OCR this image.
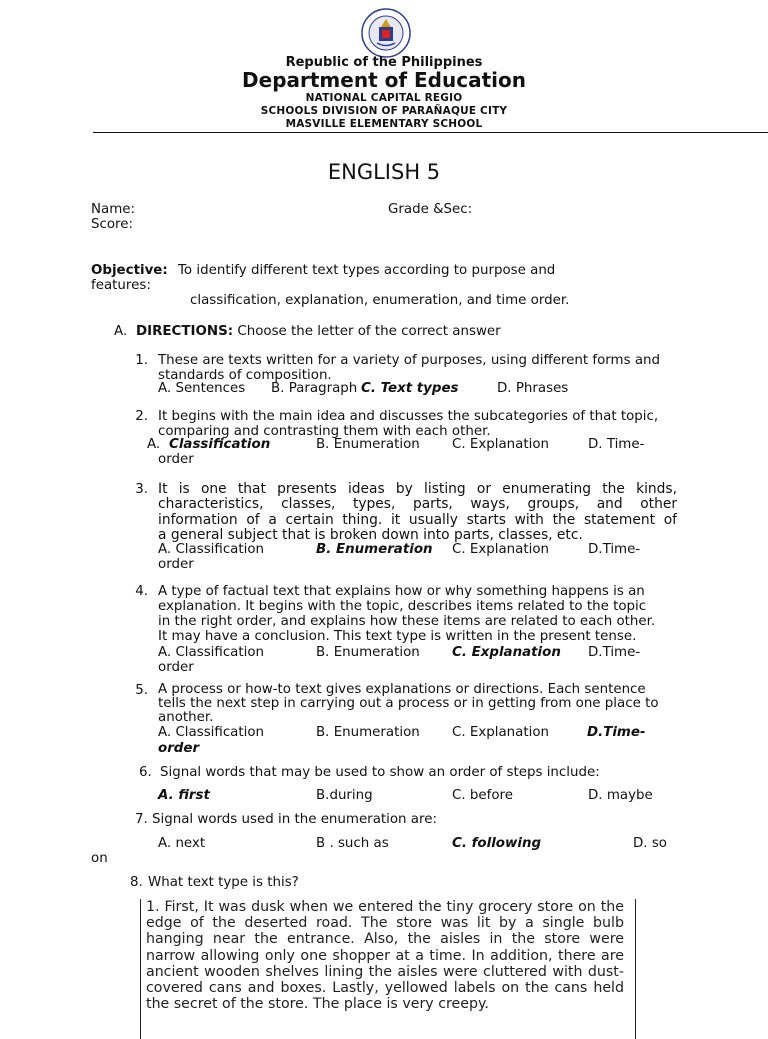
Republic of the Philippines
Department of Education
NATIONAL CAPITAL REGIO
SCHOOLS DIVISION OF PARAÑAQUE CITY
MASVILLE ELEMENTARY SCHOOL
ENGLISH 5
Name:	Grade &Sec:
Score:
Objective: To identify different text types according to purpose and
features:
classification, explanation, enumeration, and time order.
A. DIRECTIONS: Choose the letter of the correct answer
1. These are texts written for a variety of purposes, using different forms and
standards of composition.
A. Sentences B. Paragraph C. Text types	D. Phrases
2. It begins with the main idea and discusses the subcategories of that topic,
comparing and contrasting them with each other.
A. Classification	B. Enumeration C. Explanation	D. Time-
order
3. It is one that presents ideas by listing or enumerating the kinds,
characteristics, classes, types, parts, ways, groups, and other
information of a certain thing. it usually starts with the statement of
a general subject that is broken down into parts, classes, etc.
A. Classification	B. Enumeration C. Explanation	D.Time-
order
4. A type of factual text that explains how or why something happens is an
explanation. It begins with the topic, describes items related to the topic
in the right order, and explains how these items are related to each other.
It may have a conclusion. This text type is written in the present tense.
A. Classification	B. Enumeration C. Explanation D.Time-
order
5. A process or how-to text gives explanations or directions. Each sentence
tells the next step in carrying out a process or in getting from one place to
another.
A. Classification	B. Enumeration C. Explanation	D.Time-
order
6. Signal words that may be used to show an order of steps include:
A. first	B.during	C. before	D. maybe
7. Signal words used in the enumeration are:
A. next	B . such as	C. following	D. so
on
8. What text type is this?
1. First, It was dusk when we entered the tiny grocery store on the edge of the deserted road. The store was lit by a single bulb hanging near the entrance. Also, the aisles in the store were narrow allowing only one shopper at a time. In addition, there are ancient wooden shelves lining the aisles were cluttered with dust-covered cans and boxes. Lastly, yellowed labels on the cans held the secret of the store. The place is very creepy.
